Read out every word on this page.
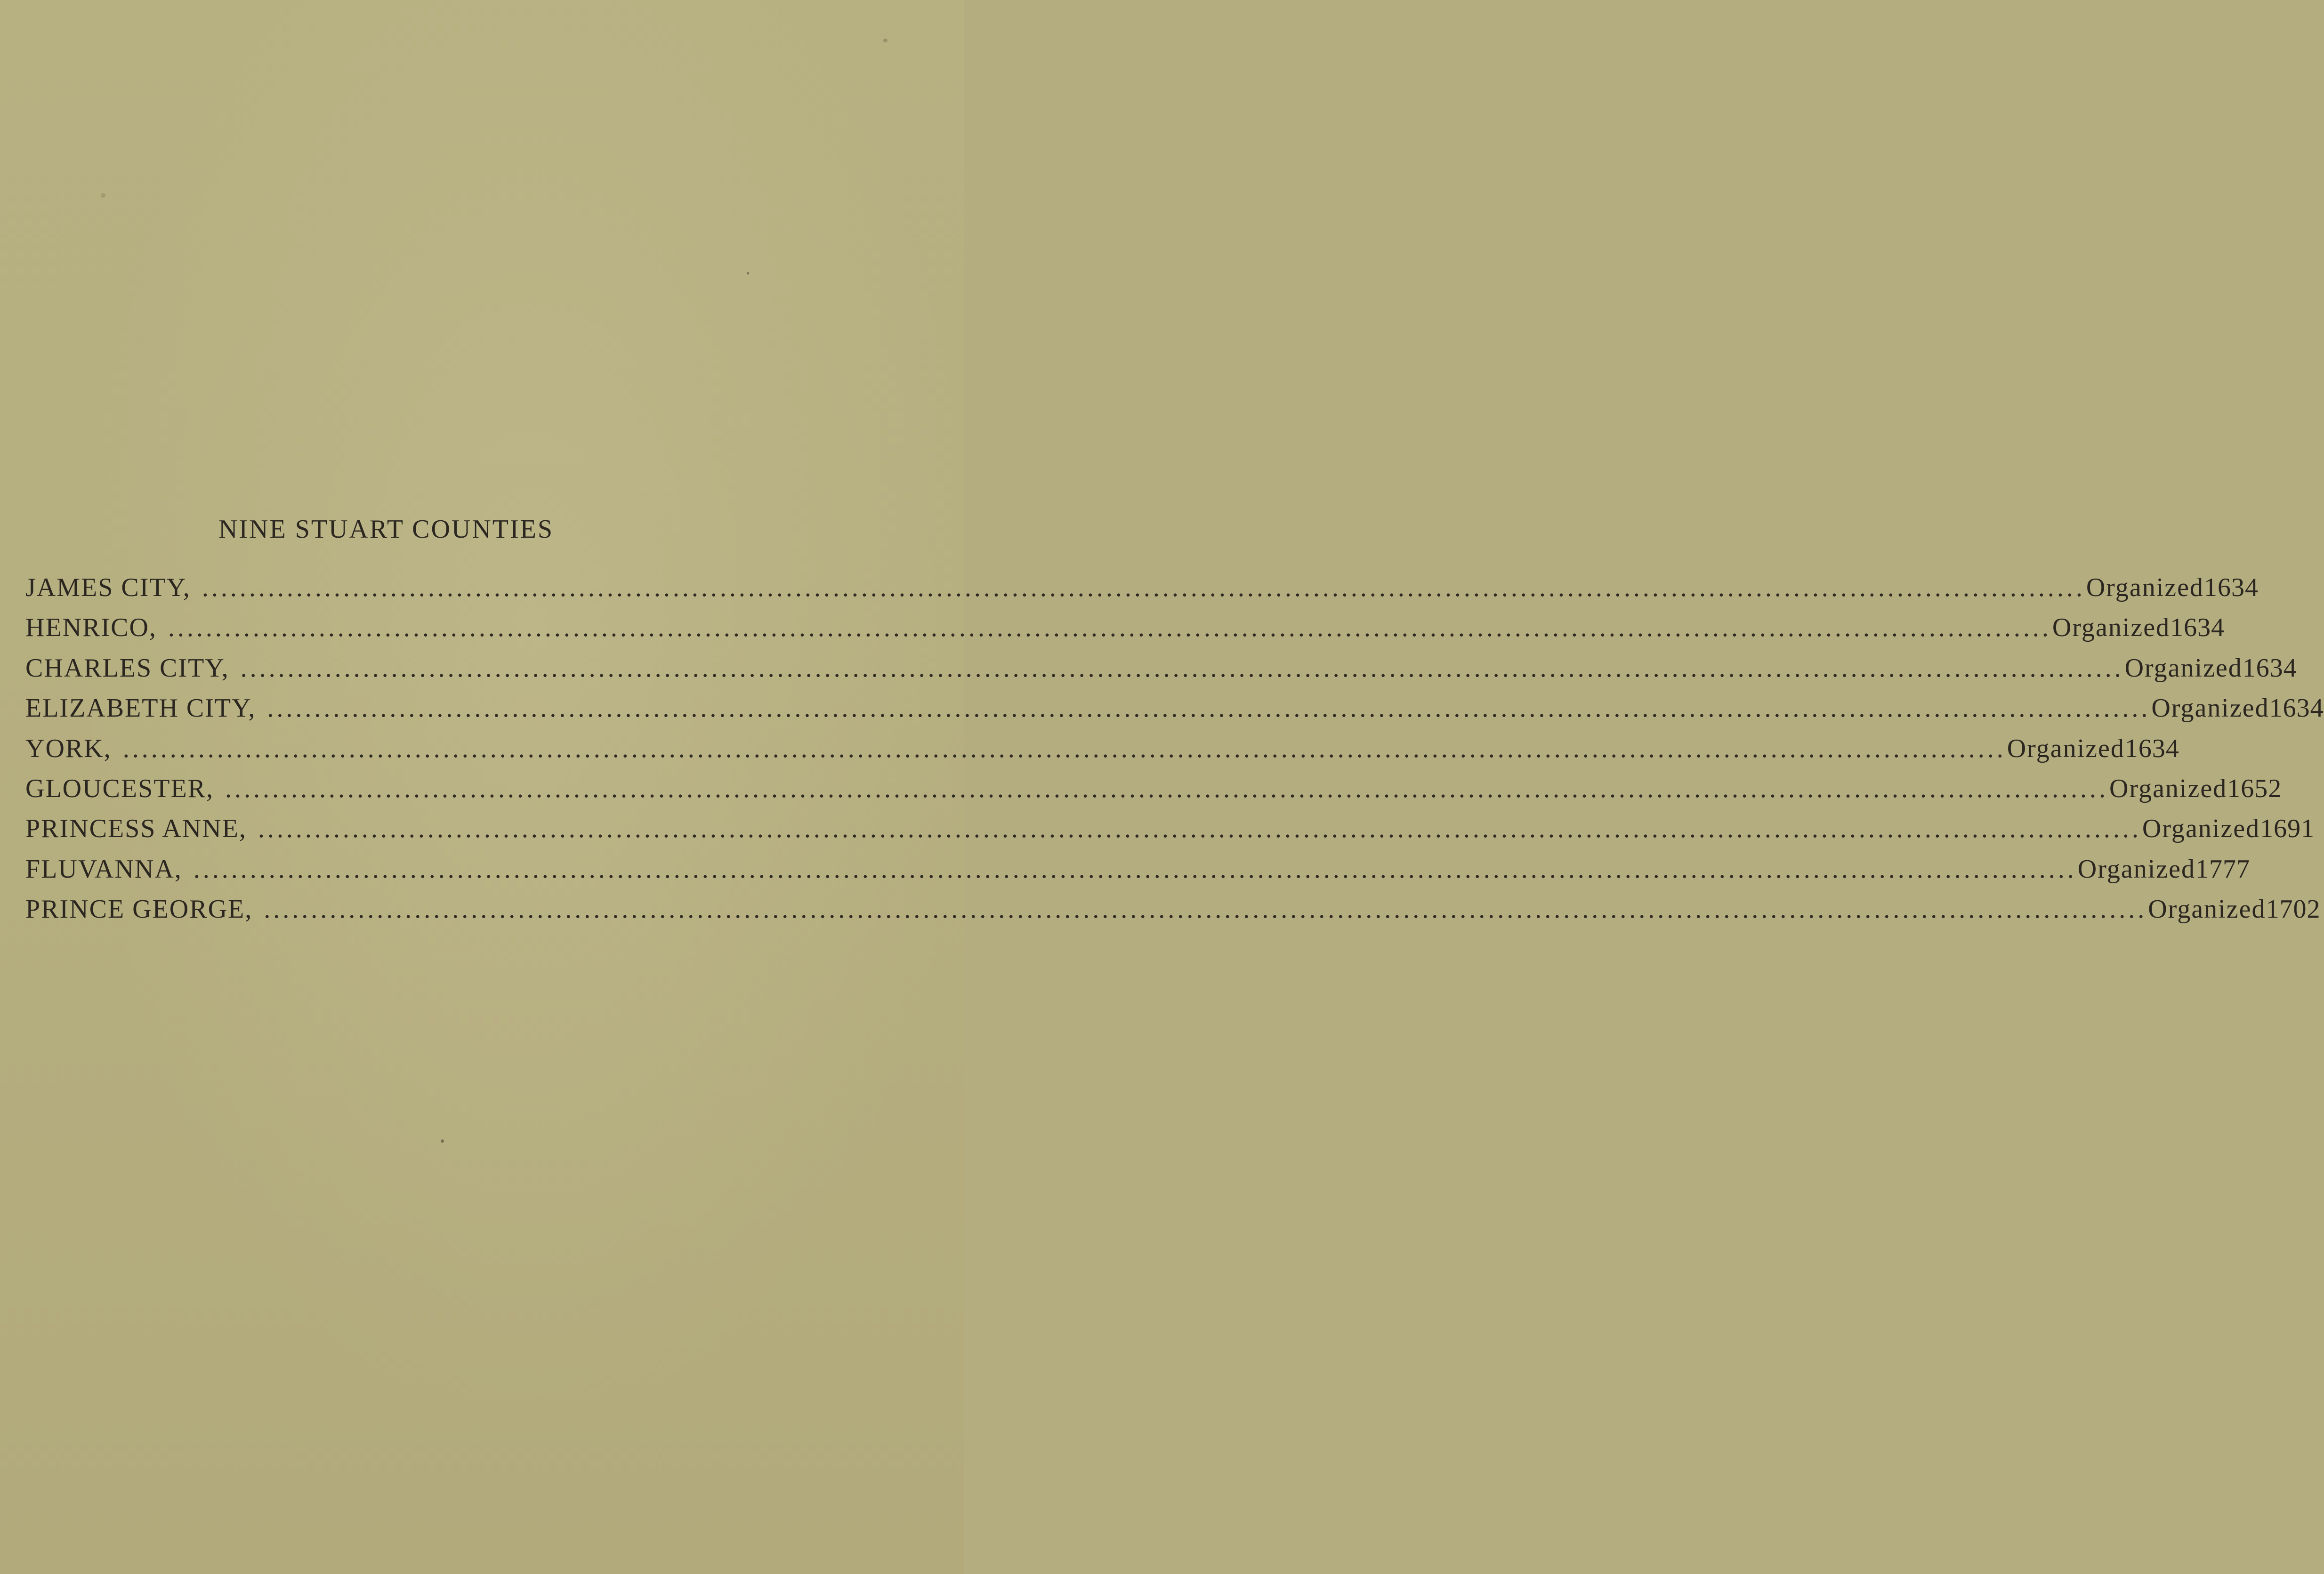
NINE STUART COUNTIES
JAMES CITY, ........................................................................................................................................................................................................ Organized 1634
HENRICO, ........................................................................................................................................................................................................ Organized 1634
CHARLES CITY, ........................................................................................................................................................................................................ Organized 1634
ELIZABETH CITY, ........................................................................................................................................................................................................ Organized 1634
YORK, ........................................................................................................................................................................................................ Organized 1634
GLOUCESTER, ........................................................................................................................................................................................................ Organized 1652
PRINCESS ANNE, ........................................................................................................................................................................................................ Organized 1691
FLUVANNA, ........................................................................................................................................................................................................ Organized 1777
PRINCE GEORGE, ........................................................................................................................................................................................................ Organized 1702
